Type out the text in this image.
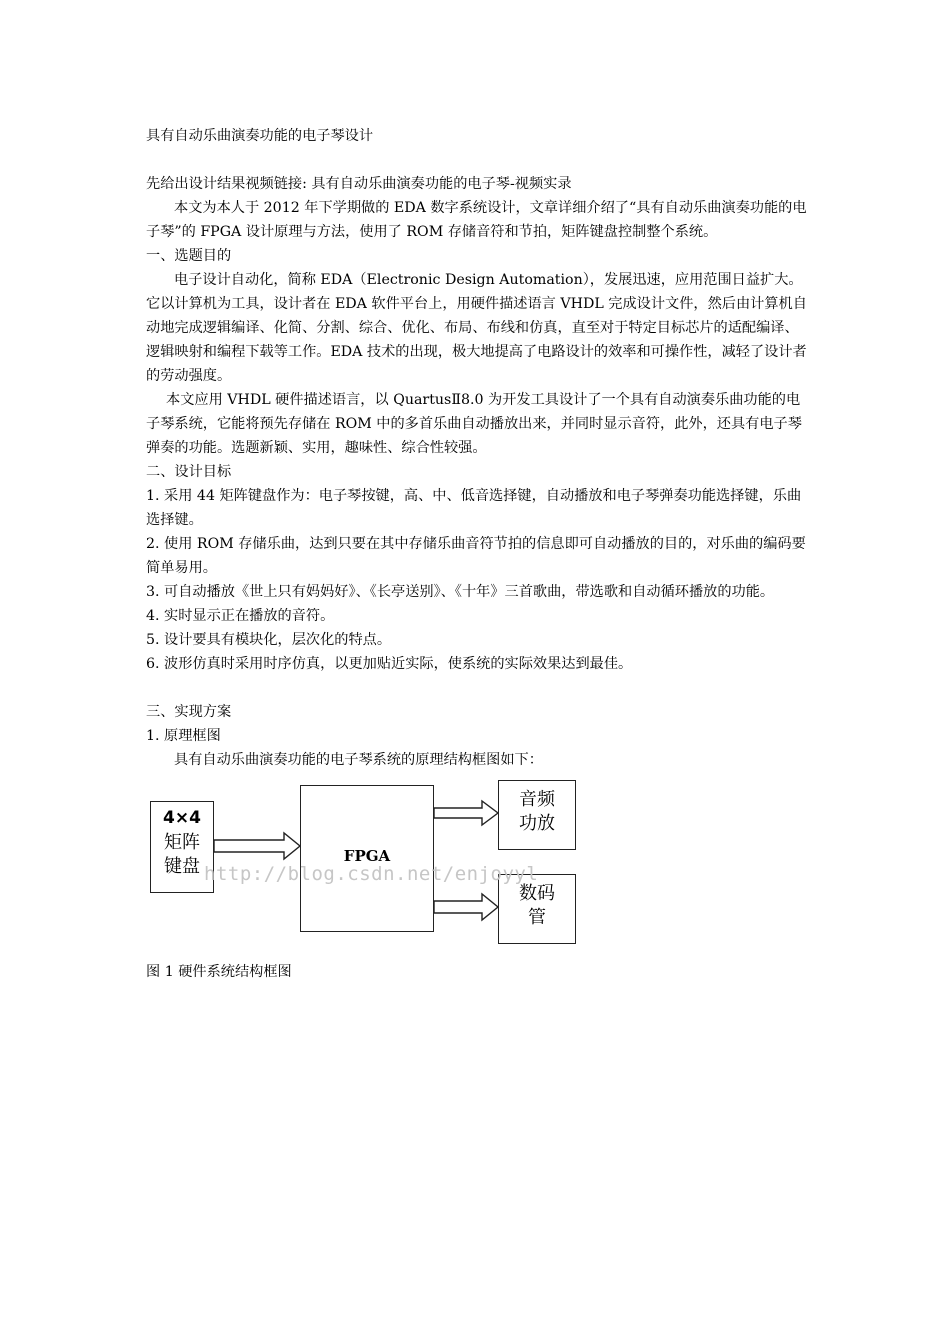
具有自动乐曲演奏功能的电子琴设计

先给出设计结果视频链接: 具有自动乐曲演奏功能的电子琴-视频实录

本文为本人于 2012 年下学期做的 EDA 数字系统设计，文章详细介绍了“具有自动乐曲演奏功能的电子琴”的 FPGA 设计原理与方法，使用了 ROM 存储音符和节拍，矩阵键盘控制整个系统。

一、选题目的

电子设计自动化，简称 EDA（Electronic Design Automation），发展迅速，应用范围日益扩大。它以计算机为工具，设计者在 EDA 软件平台上，用硬件描述语言 VHDL 完成设计文件，然后由计算机自动地完成逻辑编译、化简、分割、综合、优化、布局、布线和仿真，直至对于特定目标芯片的适配编译、逻辑映射和编程下载等工作。EDA 技术的出现，极大地提高了电路设计的效率和可操作性，减轻了设计者的劳动强度。

本文应用 VHDL 硬件描述语言，以 QuartusⅡ8.0 为开发工具设计了一个具有自动演奏乐曲功能的电子琴系统，它能将预先存储在 ROM 中的多首乐曲自动播放出来，并同时显示音符，此外，还具有电子琴弹奏的功能。选题新颖、实用，趣味性、综合性较强。

二、设计目标

1. 采用 44 矩阵键盘作为：电子琴按键，高、中、低音选择键，自动播放和电子琴弹奏功能选择键，乐曲选择键。

2. 使用 ROM 存储乐曲，达到只要在其中存储乐曲音符节拍的信息即可自动播放的目的，对乐曲的编码要简单易用。

3. 可自动播放《世上只有妈妈好》、《长亭送别》、《十年》三首歌曲，带选歌和自动循环播放的功能。

4. 实时显示正在播放的音符。

5. 设计要具有模块化，层次化的特点。

6. 波形仿真时采用时序仿真，以更加贴近实际，使系统的实际效果达到最佳。

三、实现方案

1. 原理框图

具有自动乐曲演奏功能的电子琴系统的原理结构框图如下：

4×4
矩阵
键盘	FPGA
音频
功放
数码
管
http://blog.csdn.net/enjoyyl

图 1 硬件系统结构框图
